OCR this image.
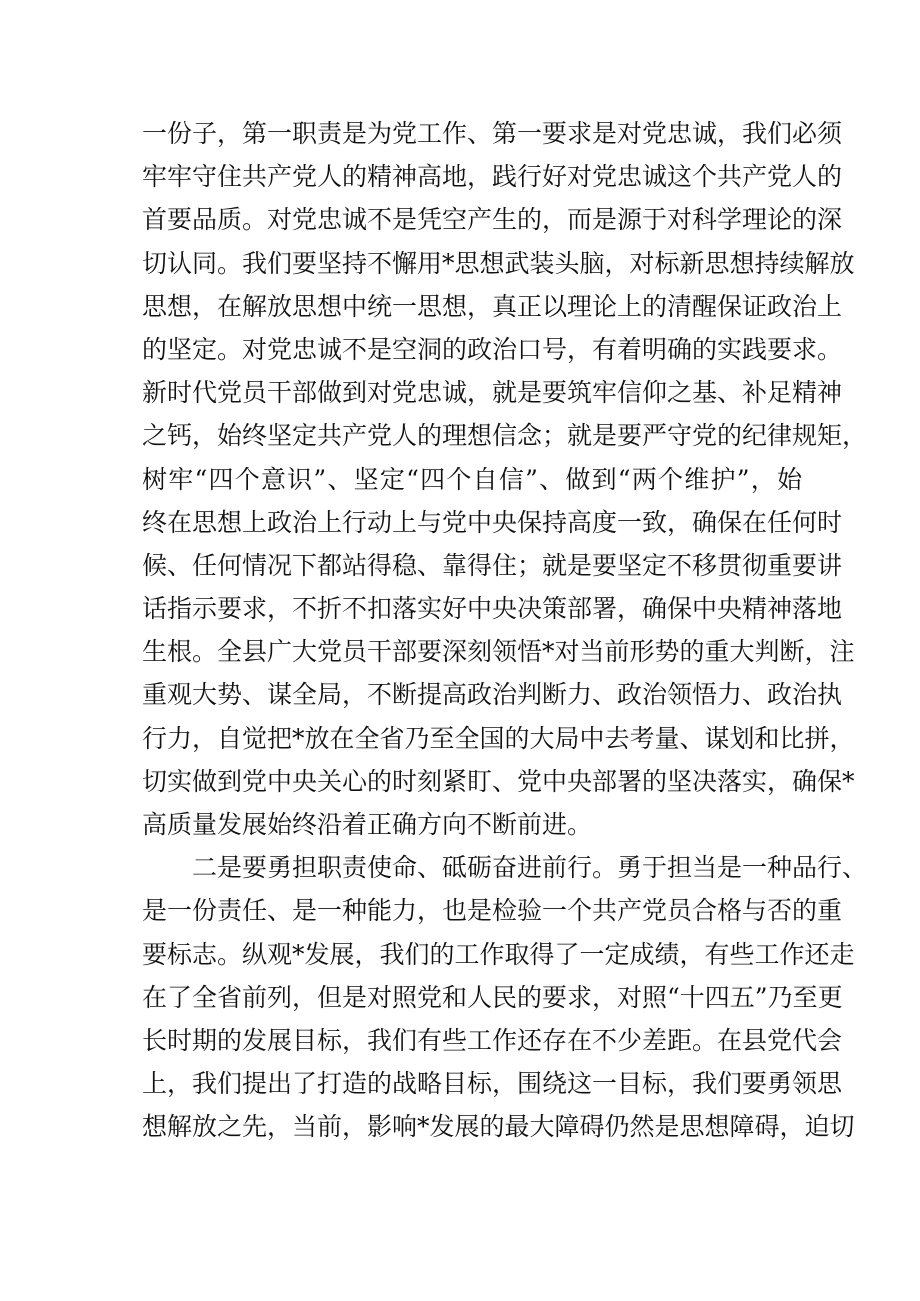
一份子，第一职责是为党工作、第一要求是对党忠诚，我们必须
牢牢守住共产党人的精神高地，践行好对党忠诚这个共产党人的
首要品质。对党忠诚不是凭空产生的，而是源于对科学理论的深
切认同。我们要坚持不懈用*思想武装头脑，对标新思想持续解放
思想，在解放思想中统一思想，真正以理论上的清醒保证政治上
的坚定。对党忠诚不是空洞的政治口号，有着明确的实践要求。
新时代党员干部做到对党忠诚，就是要筑牢信仰之基、补足精神
之钙，始终坚定共产党人的理想信念；就是要严守党的纪律规矩，
树牢“四个意识”、坚定“四个自信”、做到“两个维护”，始
终在思想上政治上行动上与党中央保持高度一致，确保在任何时
候、任何情况下都站得稳、靠得住；就是要坚定不移贯彻重要讲
话指示要求，不折不扣落实好中央决策部署，确保中央精神落地
生根。全县广大党员干部要深刻领悟*对当前形势的重大判断，注
重观大势、谋全局，不断提高政治判断力、政治领悟力、政治执
行力，自觉把*放在全省乃至全国的大局中去考量、谋划和比拼，
切实做到党中央关心的时刻紧盯、党中央部署的坚决落实，确保*
高质量发展始终沿着正确方向不断前进。
二是要勇担职责使命、砥砺奋进前行。勇于担当是一种品行、
是一份责任、是一种能力，也是检验一个共产党员合格与否的重
要标志。纵观*发展，我们的工作取得了一定成绩，有些工作还走
在了全省前列，但是对照党和人民的要求，对照“十四五”乃至更
长时期的发展目标，我们有些工作还存在不少差距。在县党代会
上，我们提出了打造的战略目标，围绕这一目标，我们要勇领思
想解放之先，当前，影响*发展的最大障碍仍然是思想障碍，迫切
